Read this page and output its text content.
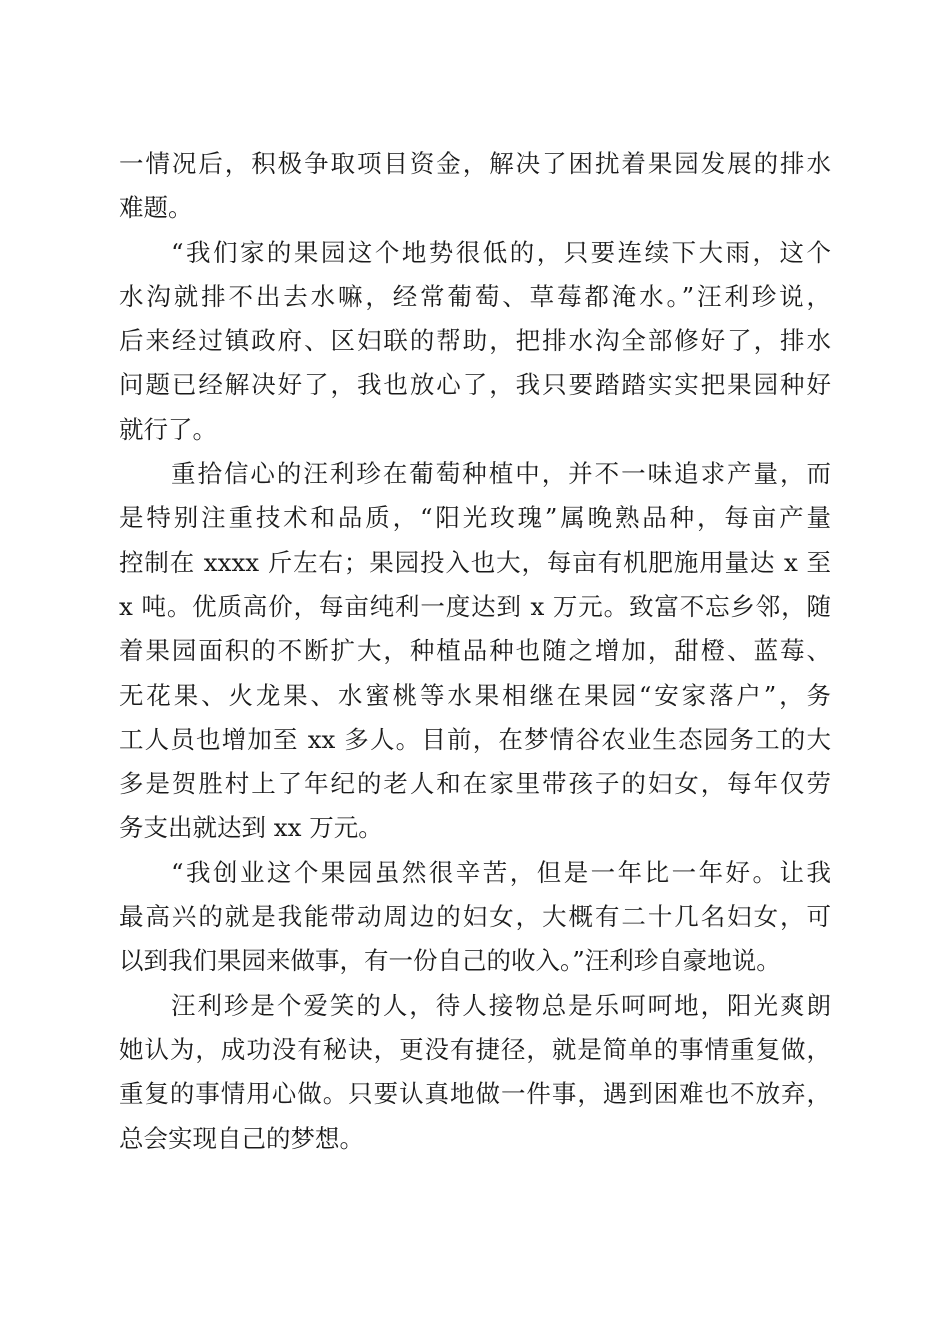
一情况后，积极争取项目资金，解决了困扰着果园发展的排水
难题。
“我们家的果园这个地势很低的，只要连续下大雨，这个
水沟就排不出去水嘛，经常葡萄、草莓都淹水。”汪利珍说，
后来经过镇政府、区妇联的帮助，把排水沟全部修好了，排水
问题已经解决好了，我也放心了，我只要踏踏实实把果园种好
就行了。
重拾信心的汪利珍在葡萄种植中，并不一味追求产量，而
是特别注重技术和品质，“阳光玫瑰”属晚熟品种，每亩产量
控制在 xxxx 斤左右；果园投入也大，每亩有机肥施用量达 x 至
x 吨。优质高价，每亩纯利一度达到 x 万元。致富不忘乡邻，随
着果园面积的不断扩大，种植品种也随之增加，甜橙、蓝莓、
无花果、火龙果、水蜜桃等水果相继在果园“安家落户”，务
工人员也增加至 xx 多人。目前，在梦情谷农业生态园务工的大
多是贺胜村上了年纪的老人和在家里带孩子的妇女，每年仅劳
务支出就达到 xx 万元。
“我创业这个果园虽然很辛苦，但是一年比一年好。让我
最高兴的就是我能带动周边的妇女，大概有二十几名妇女，可
以到我们果园来做事，有一份自己的收入。”汪利珍自豪地说。
汪利珍是个爱笑的人，待人接物总是乐呵呵地，阳光爽朗
她认为，成功没有秘诀，更没有捷径，就是简单的事情重复做，
重复的事情用心做。只要认真地做一件事，遇到困难也不放弃，
总会实现自己的梦想。
